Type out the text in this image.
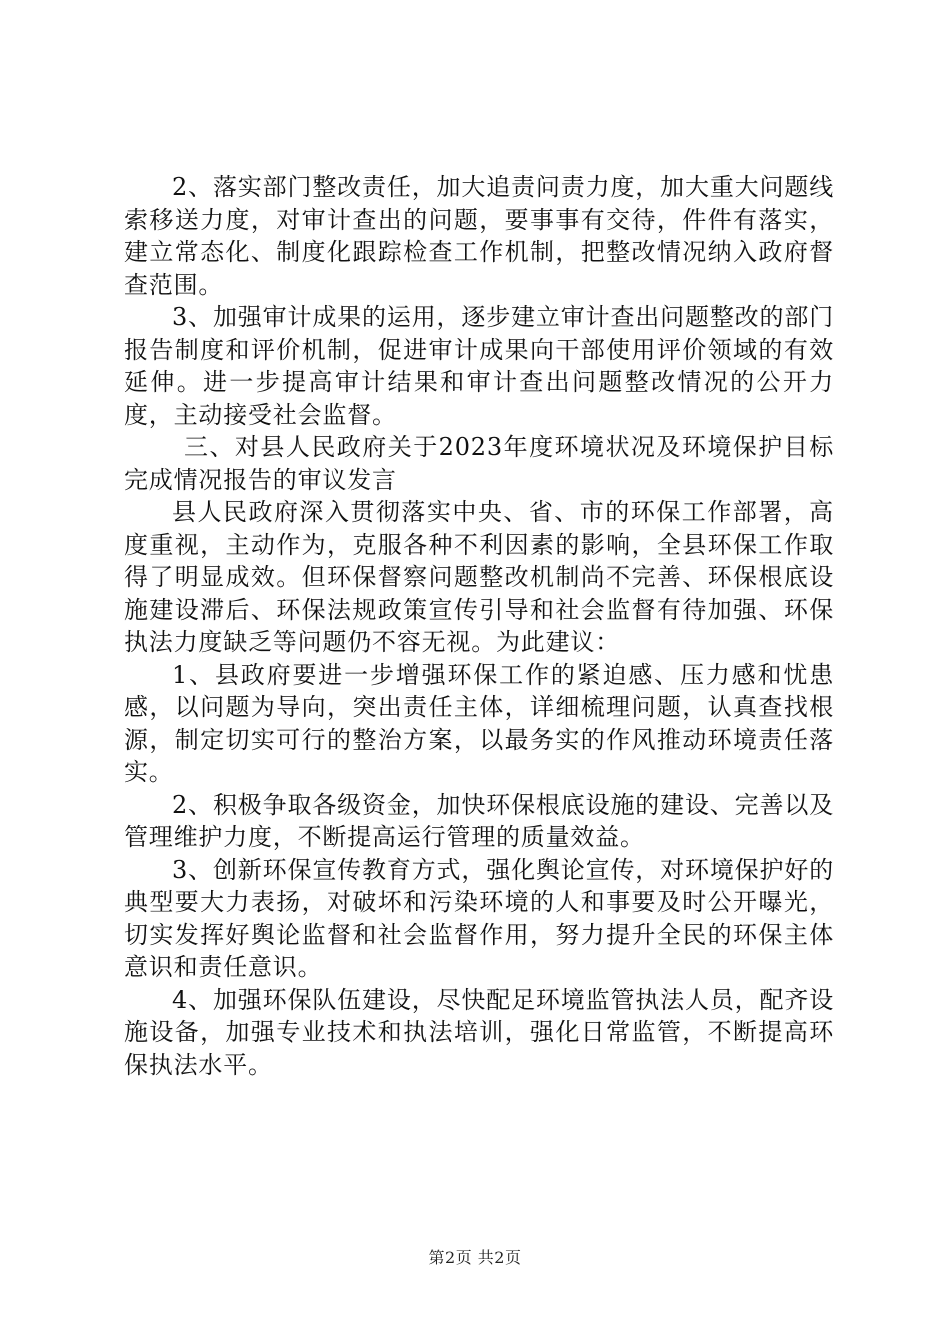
2、落实部门整改责任，加大追责问责力度，加大重大问题线索移送力度，对审计查出的问题，要事事有交待，件件有落实，建立常态化、制度化跟踪检查工作机制，把整改情况纳入政府督查范围。

3、加强审计成果的运用，逐步建立审计查出问题整改的部门报告制度和评价机制，促进审计成果向干部使用评价领域的有效延伸。进一步提高审计结果和审计查出问题整改情况的公开力度，主动接受社会监督。

三、对县人民政府关于2023年度环境状况及环境保护目标完成情况报告的审议发言

县人民政府深入贯彻落实中央、省、市的环保工作部署，高度重视，主动作为，克服各种不利因素的影响，全县环保工作取得了明显成效。但环保督察问题整改机制尚不完善、环保根底设施建设滞后、环保法规政策宣传引导和社会监督有待加强、环保执法力度缺乏等问题仍不容无视。为此建议：

1、县政府要进一步增强环保工作的紧迫感、压力感和忧患感，以问题为导向，突出责任主体，详细梳理问题，认真查找根源，制定切实可行的整治方案，以最务实的作风推动环境责任落实。

2、积极争取各级资金，加快环保根底设施的建设、完善以及管理维护力度，不断提高运行管理的质量效益。

3、创新环保宣传教育方式，强化舆论宣传，对环境保护好的典型要大力表扬，对破坏和污染环境的人和事要及时公开曝光，切实发挥好舆论监督和社会监督作用，努力提升全民的环保主体意识和责任意识。

4、加强环保队伍建设，尽快配足环境监管执法人员，配齐设施设备，加强专业技术和执法培训，强化日常监管，不断提高环保执法水平。

第2页 共2页
